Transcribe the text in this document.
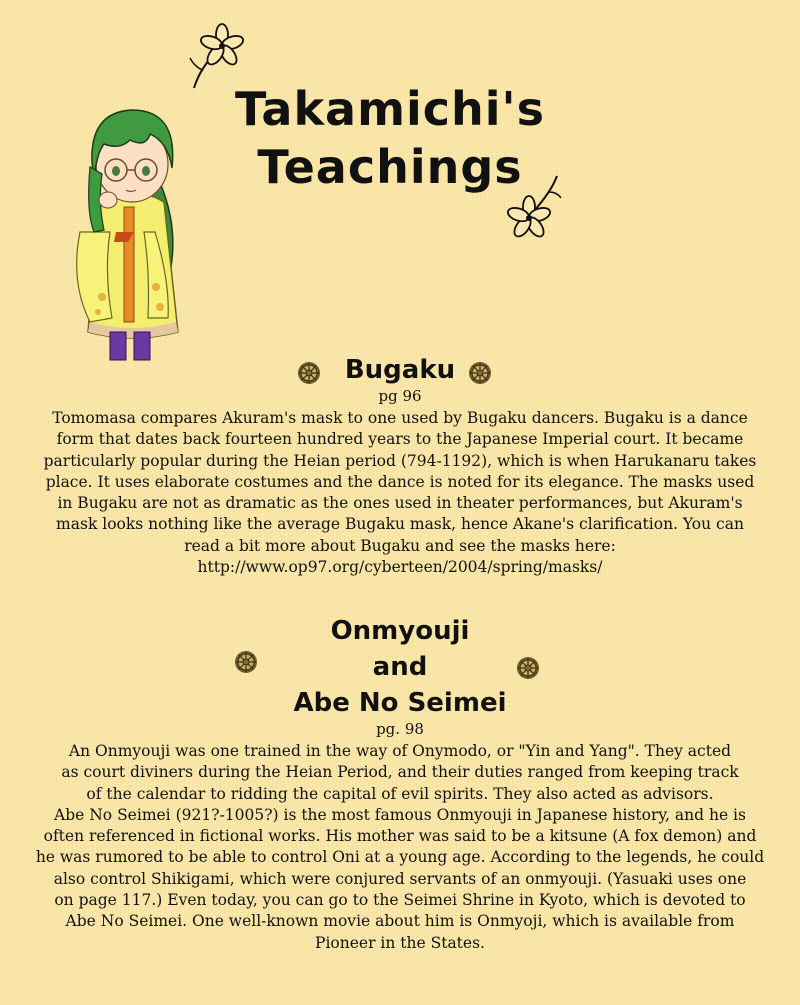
Takamichi's
Teachings
Bugaku
pg 96
Tomomasa compares Akuram's mask to one used by Bugaku dancers. Bugaku is a dance
form that dates back fourteen hundred years to the Japanese Imperial court. It became
particularly popular during the Heian period (794-1192), which is when Harukanaru takes
place. It uses elaborate costumes and the dance is noted for its elegance. The masks used
in Bugaku are not as dramatic as the ones used in theater performances, but Akuram's
mask looks nothing like the average Bugaku mask, hence Akane's clarification. You can
read a bit more about Bugaku and see the masks here:
http://www.op97.org/cyberteen/2004/spring/masks/
Onmyouji
and
Abe No Seimei
pg. 98
An Onmyouji was one trained in the way of Onymodo, or "Yin and Yang". They acted
as court diviners during the Heian Period, and their duties ranged from keeping track
of the calendar to ridding the capital of evil spirits. They also acted as advisors.
Abe No Seimei (921?-1005?) is the most famous Onmyouji in Japanese history, and he is
often referenced in fictional works. His mother was said to be a kitsune (A fox demon) and
he was rumored to be able to control Oni at a young age. According to the legends, he could
also control Shikigami, which were conjured servants of an onmyouji. (Yasuaki uses one
on page 117.) Even today, you can go to the Seimei Shrine in Kyoto, which is devoted to
Abe No Seimei. One well-known movie about him is Onmyoji, which is available from
Pioneer in the States.
